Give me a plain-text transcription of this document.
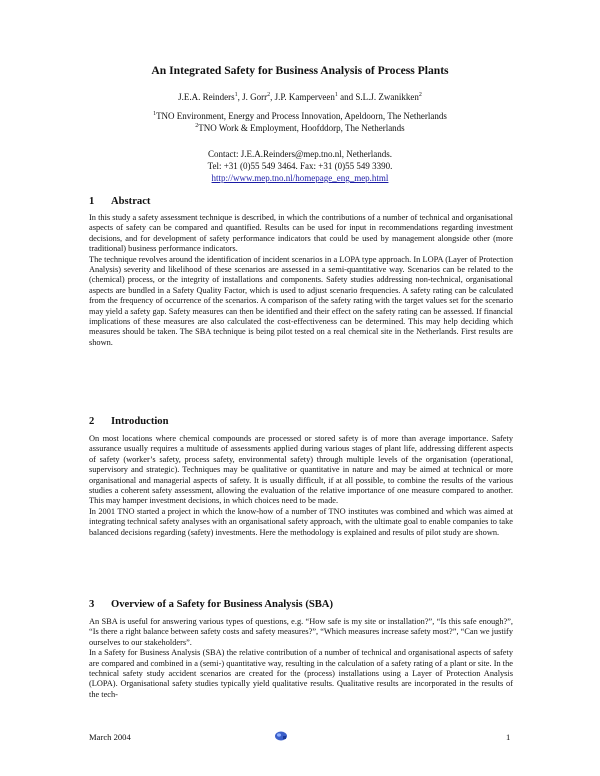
An Integrated Safety for Business Analysis of Process Plants
J.E.A. Reinders$^1$, J. Gorr$^2$, J.P. Kamperveen$^1$ and S.L.J. Zwanikken$^2$
$^1$TNO Environment, Energy and Process Innovation, Apeldoorn, The Netherlands
$^2$TNO Work & Employment, Hoofddorp, The Netherlands
Contact: J.E.A.Reinders@mep.tno.nl, Netherlands.
Tel: +31 (0)55 549 3464. Fax: +31 (0)55 549 3390.
http://www.mep.tno.nl/homepage_eng_mep.html
1 Abstract

In this study a safety assessment technique is described, in which the contributions of a number of technical and organisational aspects of safety can be compared and quantified. Results can be used for input in recommendations regarding investment decisions, and for development of safety performance indicators that could be used by management alongside other (more traditional) business performance indicators.

The technique revolves around the identification of incident scenarios in a LOPA type approach. In LOPA (Layer of Protection Analysis) severity and likelihood of these scenarios are assessed in a semi-quantitative way. Scenarios can be related to the (chemical) process, or the integrity of installations and components. Safety studies addressing non-technical, organisational aspects are bundled in a Safety Quality Factor, which is used to adjust scenario frequencies. A safety rating can be calculated from the frequency of occurrence of the scenarios. A comparison of the safety rating with the target values set for the scenario may yield a safety gap. Safety measures can then be identified and their effect on the safety rating can be assessed. If financial implications of these measures are also calculated the cost-effectiveness can be determined. This may help deciding which measures should be taken. The SBA technique is being pilot tested on a real chemical site in the Netherlands. First results are shown.

2 Introduction

On most locations where chemical compounds are processed or stored safety is of more than average importance. Safety assurance usually requires a multitude of assessments applied during various stages of plant life, addressing different aspects of safety (worker’s safety, process safety, environmental safety) through multiple levels of the organisation (operational, supervisory and strategic). Techniques may be qualitative or quantitative in nature and may be aimed at technical or more organisational and managerial aspects of safety. It is usually difficult, if at all possible, to combine the results of the various studies a coherent safety assessment, allowing the evaluation of the relative importance of one measure compared to another. This may hamper investment decisions, in which choices need to be made.

In 2001 TNO started a project in which the know-how of a number of TNO institutes was combined and which was aimed at integrating technical safety analyses with an organisational safety approach, with the ultimate goal to enable companies to take balanced decisions regarding (safety) investments. Here the methodology is explained and results of pilot study are shown.

3 Overview of a Safety for Business Analysis (SBA)

An SBA is useful for answering various types of questions, e.g. “How safe is my site or installation?”, “Is this safe enough?”, “Is there a right balance between safety costs and safety measures?”, “Which measures increase safety most?”, “Can we justify ourselves to our stakeholders”.

In a Safety for Business Analysis (SBA) the relative contribution of a number of technical and organisational aspects of safety are compared and combined in a (semi-) quantitative way, resulting in the calculation of a safety rating of a plant or site. In the technical safety study accident scenarios are created for the (process) installations using a Layer of Protection Analysis (LOPA). Organisational safety studies typically yield qualitative results. Qualitative results are incorporated in the results of the tech-

March 2004	1
